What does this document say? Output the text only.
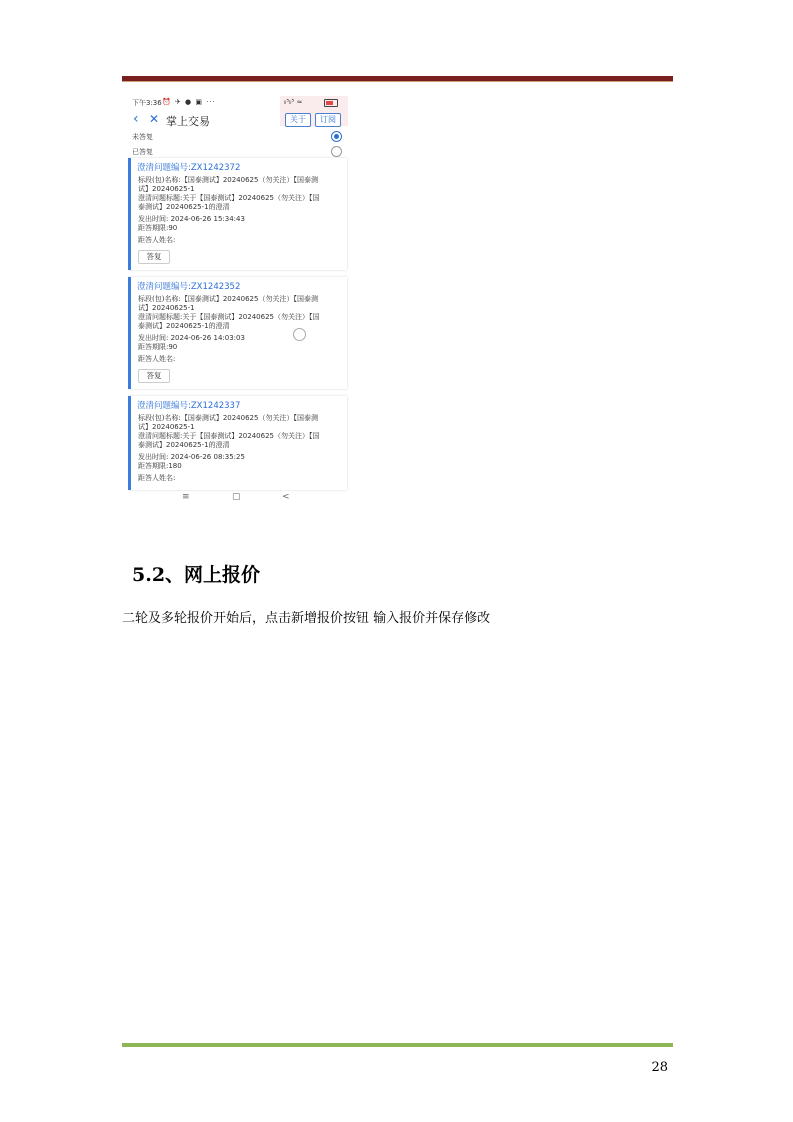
下午3:36 ⏰ ✈ ● ▣ ···	ₗₗ⁵ₗₗ⁵ ≈
‹ ✕ 掌上交易	关于	订阅
未答复
已答复
澄清问题编号:ZX1242372
标段(包)名称:【国泰测试】20240625（勿关注）【国泰测
试】20240625-1
澄清问题标题:关于【国泰测试】20240625（勿关注）【国
泰测试】20240625-1的澄清
发出时间: 2024-06-26 15:34:43
距答期限:90
距答人姓名:
答复
澄清问题编号:ZX1242352
标段(包)名称:【国泰测试】20240625（勿关注）【国泰测
试】20240625-1
澄清问题标题:关于【国泰测试】20240625（勿关注）【国
泰测试】20240625-1的澄清
发出时间: 2024-06-26 14:03:03
距答期限:90
距答人姓名:
答复
澄清问题编号:ZX1242337
标段(包)名称:【国泰测试】20240625（勿关注）【国泰测
试】20240625-1
澄清问题标题:关于【国泰测试】20240625（勿关注）【国
泰测试】20240625-1的澄清
发出时间: 2024-06-26 08:35:25
距答期限:180
距答人姓名:
≡	▢	<
5.2、网上报价
二轮及多轮报价开始后，点击新增报价按钮 输入报价并保存修改
28
